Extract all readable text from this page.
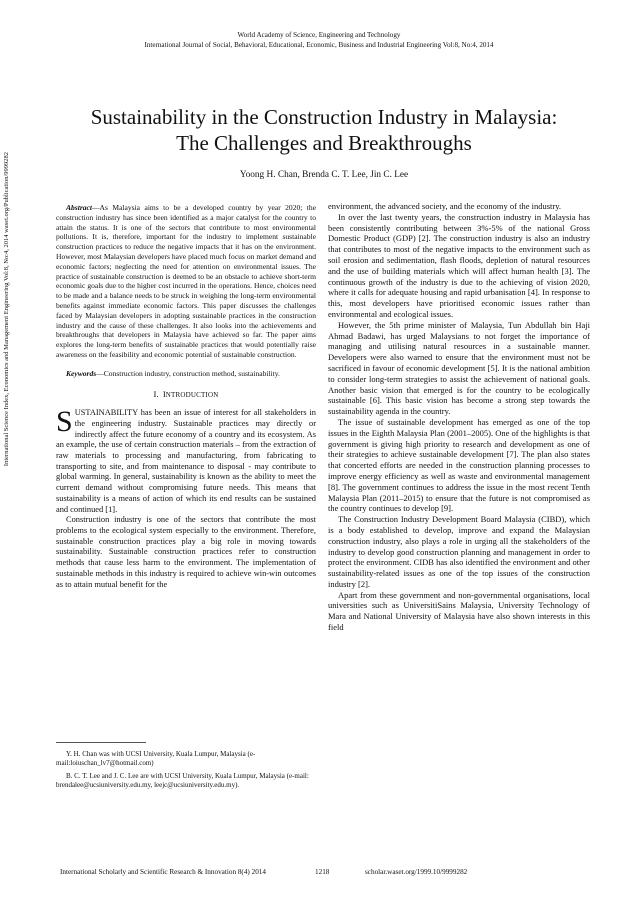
World Academy of Science, Engineering and Technology
International Journal of Social, Behavioral, Educational, Economic, Business and Industrial Engineering Vol:8, No:4, 2014
International Science Index, Economics and Management Engineering Vol:8, No:4, 2014 waset.org/Publication/9999282
Sustainability in the Construction Industry in Malaysia:
The Challenges and Breakthroughs
Yoong H. Chan, Brenda C. T. Lee, Jin C. Lee

Abstract—As Malaysia aims to be a developed country by year 2020; the construction industry has since been identified as a major catalyst for the country to attain the status. It is one of the sectors that contribute to most environmental pollutions. It is, therefore, important for the industry to implement sustainable construction practices to reduce the negative impacts that it has on the environment. However, most Malaysian developers have placed much focus on market demand and economic factors; neglecting the need for attention on environmental issues. The practice of sustainable construction is deemed to be an obstacle to achieve short-term economic goals due to the higher cost incurred in the operations. Hence, choices need to be made and a balance needs to be struck in weighing the long-term environmental benefits against immediate economic factors. This paper discusses the challenges faced by Malaysian developers in adopting sustainable practices in the construction industry and the cause of these challenges. It also looks into the achievements and breakthroughs that developers in Malaysia have achieved so far. The paper aims explores the long-term benefits of sustainable practices that would potentially raise awareness on the feasibility and economic potential of sustainable construction.

Keywords—Construction industry, construction method, sustainability.

I. INTRODUCTION

SUSTAINABILITY has been an issue of interest for all stakeholders in the engineering industry. Sustainable practices may directly or indirectly affect the future economy of a country and its ecosystem. As an example, the use of certain construction materials – from the extraction of raw materials to processing and manufacturing, from fabricating to transporting to site, and from maintenance to disposal - may contribute to global warming. In general, sustainability is known as the ability to meet the current demand without compromising future needs. This means that sustainability is a means of action of which its end results can be sustained and continued [1].

Construction industry is one of the sectors that contribute the most problems to the ecological system especially to the environment. Therefore, sustainable construction practices play a big role in moving towards sustainability. Sustainable construction practices refer to construction methods that cause less harm to the environment. The implementation of sustainable methods in this industry is required to achieve win-win outcomes as to attain mutual benefit for the

Y. H. Chan was with UCSI University, Kuala Lumpur, Malaysia (e-mail:loiuschan_lv7@hotmail.com)

B. C. T. Lee and J. C. Lee are with UCSI University, Kuala Lumpur, Malaysia (e-mail: brendalee@ucsiuniversity.edu.my, leejc@ucsiuniversity.edu.my).

environment, the advanced society, and the economy of the industry.

In over the last twenty years, the construction industry in Malaysia has been consistently contributing between 3%-5% of the national Gross Domestic Product (GDP) [2]. The construction industry is also an industry that contributes to most of the negative impacts to the environment such as soil erosion and sedimentation, flash floods, depletion of natural resources and the use of building materials which will affect human health [3]. The continuous growth of the industry is due to the achieving of vision 2020, where it calls for adequate housing and rapid urbanisation [4]. In response to this, most developers have prioritised economic issues rather than environmental and ecological issues.

However, the 5th prime minister of Malaysia, Tun Abdullah bin Haji Ahmad Badawi, has urged Malaysians to not forget the importance of managing and utilising natural resources in a sustainable manner. Developers were also warned to ensure that the environment must not be sacrificed in favour of economic development [5]. It is the national ambition to consider long-term strategies to assist the achievement of national goals. Another basic vision that emerged is for the country to be ecologically sustainable [6]. This basic vision has become a strong step towards the sustainability agenda in the country.

The issue of sustainable development has emerged as one of the top issues in the Eighth Malaysia Plan (2001–2005). One of the highlights is that government is giving high priority to research and development as one of their strategies to achieve sustainable development [7]. The plan also states that concerted efforts are needed in the construction planning processes to improve energy efficiency as well as waste and environmental management [8]. The government continues to address the issue in the most recent Tenth Malaysia Plan (2011–2015) to ensure that the future is not compromised as the country continues to develop [9].

The Construction Industry Development Board Malaysia (CIBD), which is a body established to develop, improve and expand the Malaysian construction industry, also plays a role in urging all the stakeholders of the industry to develop good construction planning and management in order to protect the environment. CIDB has also identified the environment and other sustainability-related issues as one of the top issues of the construction industry [2].

Apart from these government and non-governmental organisations, local universities such as UniversitiSains Malaysia, University Technology of Mara and National University of Malaysia have also shown interests in this field

International Scholarly and Scientific Research & Innovation 8(4) 2014	1218	scholar.waset.org/1999.10/9999282
